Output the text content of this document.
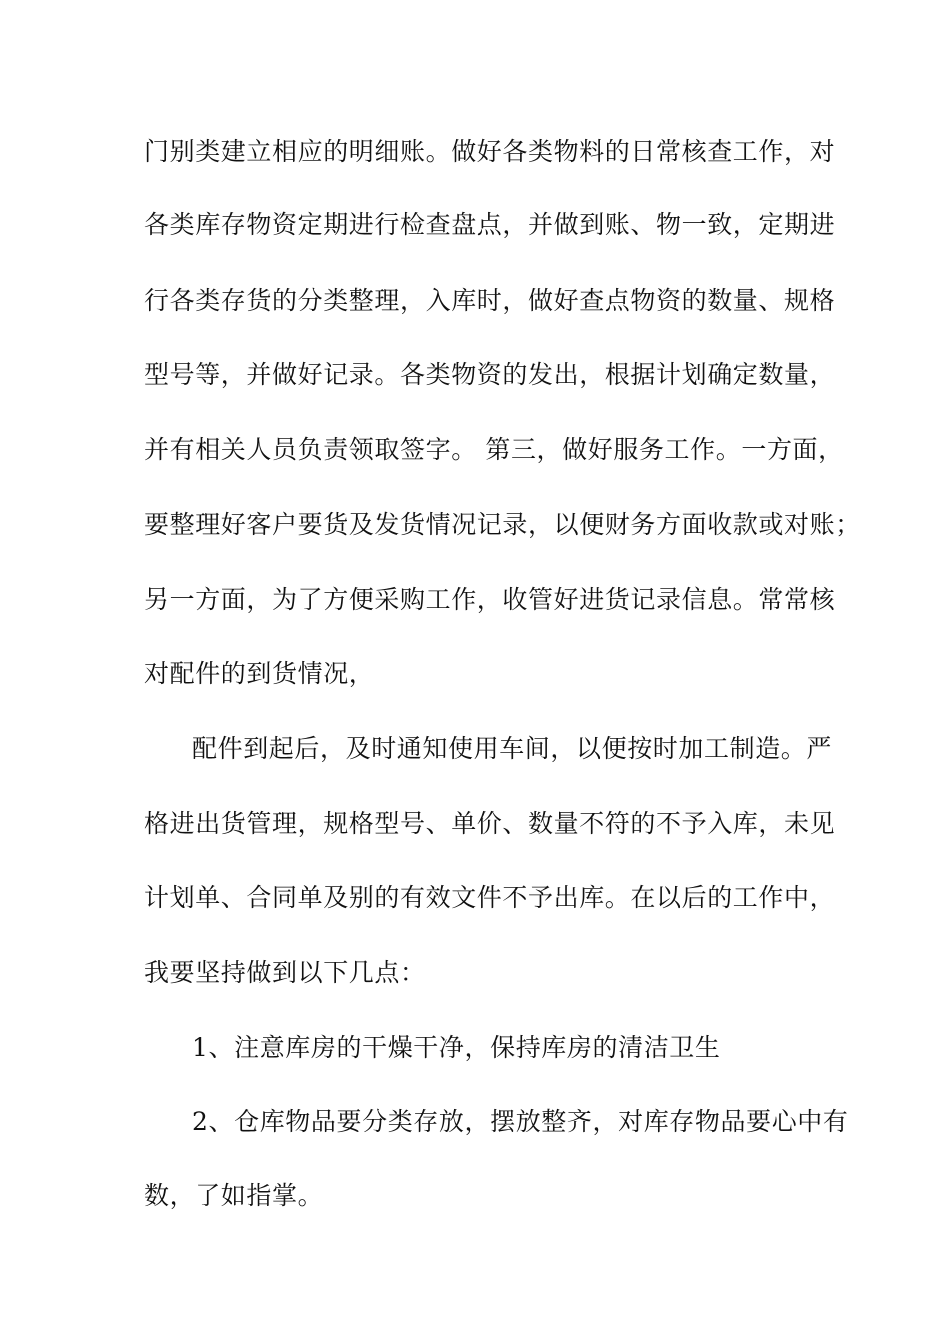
门别类建立相应的明细账。做好各类物料的日常核查工作，对
各类库存物资定期进行检查盘点，并做到账、物一致，定期进
行各类存货的分类整理，入库时，做好查点物资的数量、规格
型号等，并做好记录。各类物资的发出，根据计划确定数量，
并有相关人员负责领取签字。 第三，做好服务工作。一方面，
要整理好客户要货及发货情况记录，以便财务方面收款或对账；
另一方面，为了方便采购工作，收管好进货记录信息。常常核
对配件的到货情况，
配件到起后，及时通知使用车间，以便按时加工制造。严
格进出货管理，规格型号、单价、数量不符的不予入库，未见
计划单、合同单及别的有效文件不予出库。在以后的工作中，
我要坚持做到以下几点：
1、注意库房的干燥干净，保持库房的清洁卫生
2、仓库物品要分类存放，摆放整齐，对库存物品要心中有
数，了如指掌。
